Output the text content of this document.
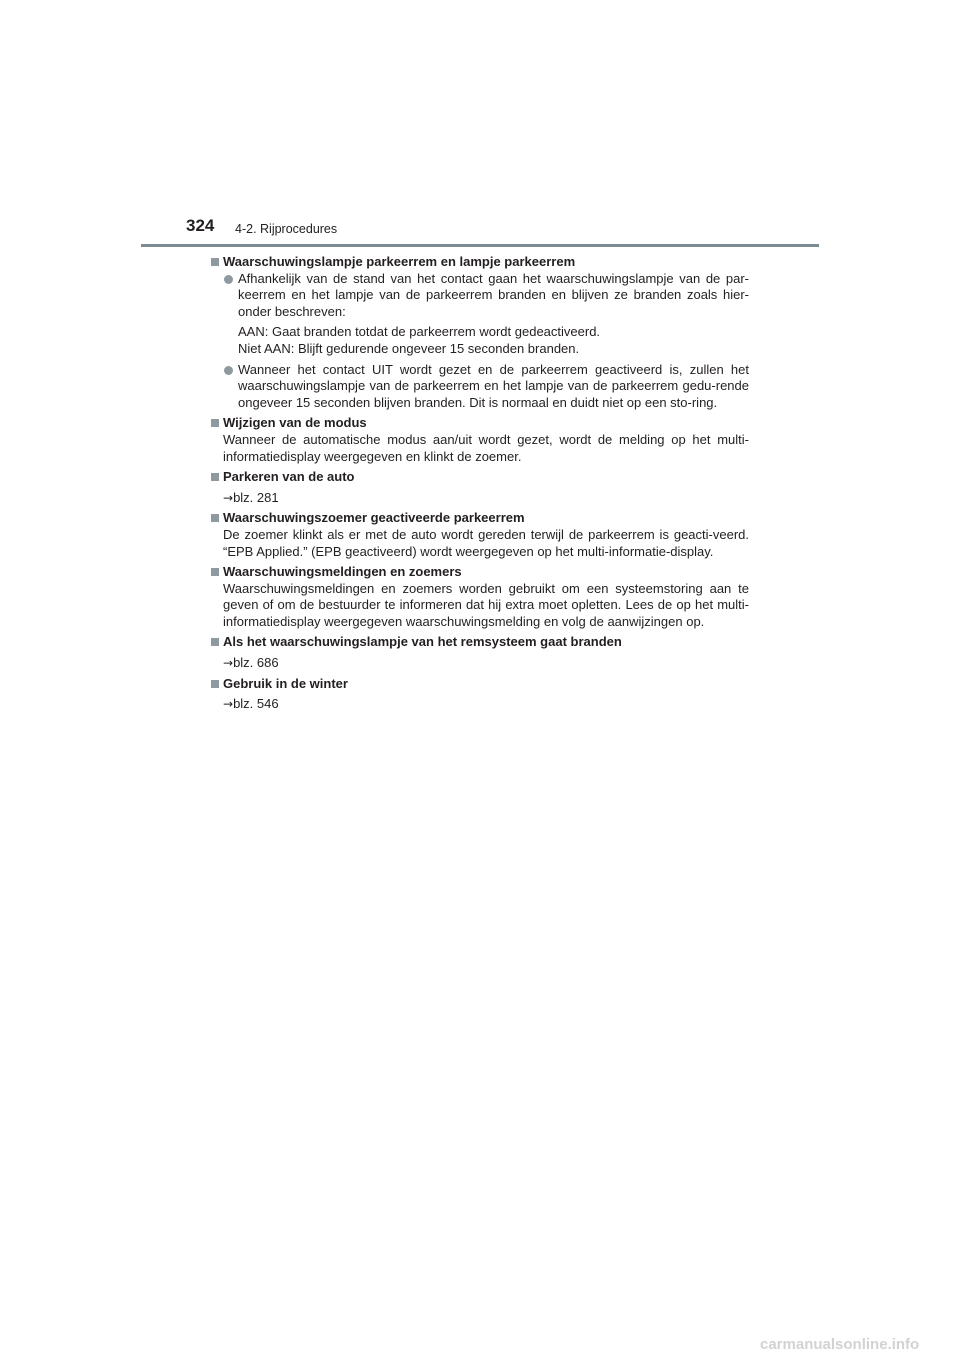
324 4-2. Rijprocedures
Waarschuwingslampje parkeerrem en lampje parkeerrem
Afhankelijk van de stand van het contact gaan het waarschuwingslampje van de par-keerrem en het lampje van de parkeerrem branden en blijven ze branden zoals hier-onder beschreven:
AAN: Gaat branden totdat de parkeerrem wordt gedeactiveerd.
Niet AAN: Blijft gedurende ongeveer 15 seconden branden.
Wanneer het contact UIT wordt gezet en de parkeerrem geactiveerd is, zullen het waarschuwingslampje van de parkeerrem en het lampje van de parkeerrem gedu-rende ongeveer 15 seconden blijven branden. Dit is normaal en duidt niet op een sto-ring.
Wijzigen van de modus
Wanneer de automatische modus aan/uit wordt gezet, wordt de melding op het multi-informatiedisplay weergegeven en klinkt de zoemer.
Parkeren van de auto
→blz. 281
Waarschuwingszoemer geactiveerde parkeerrem
De zoemer klinkt als er met de auto wordt gereden terwijl de parkeerrem is geacti-veerd. “EPB Applied.” (EPB geactiveerd) wordt weergegeven op het multi-informatie-display.
Waarschuwingsmeldingen en zoemers
Waarschuwingsmeldingen en zoemers worden gebruikt om een systeemstoring aan te geven of om de bestuurder te informeren dat hij extra moet opletten. Lees de op het multi-informatiedisplay weergegeven waarschuwingsmelding en volg de aanwijzingen op.
Als het waarschuwingslampje van het remsysteem gaat branden
→blz. 686
Gebruik in de winter
→blz. 546
carmanualsonline.info
